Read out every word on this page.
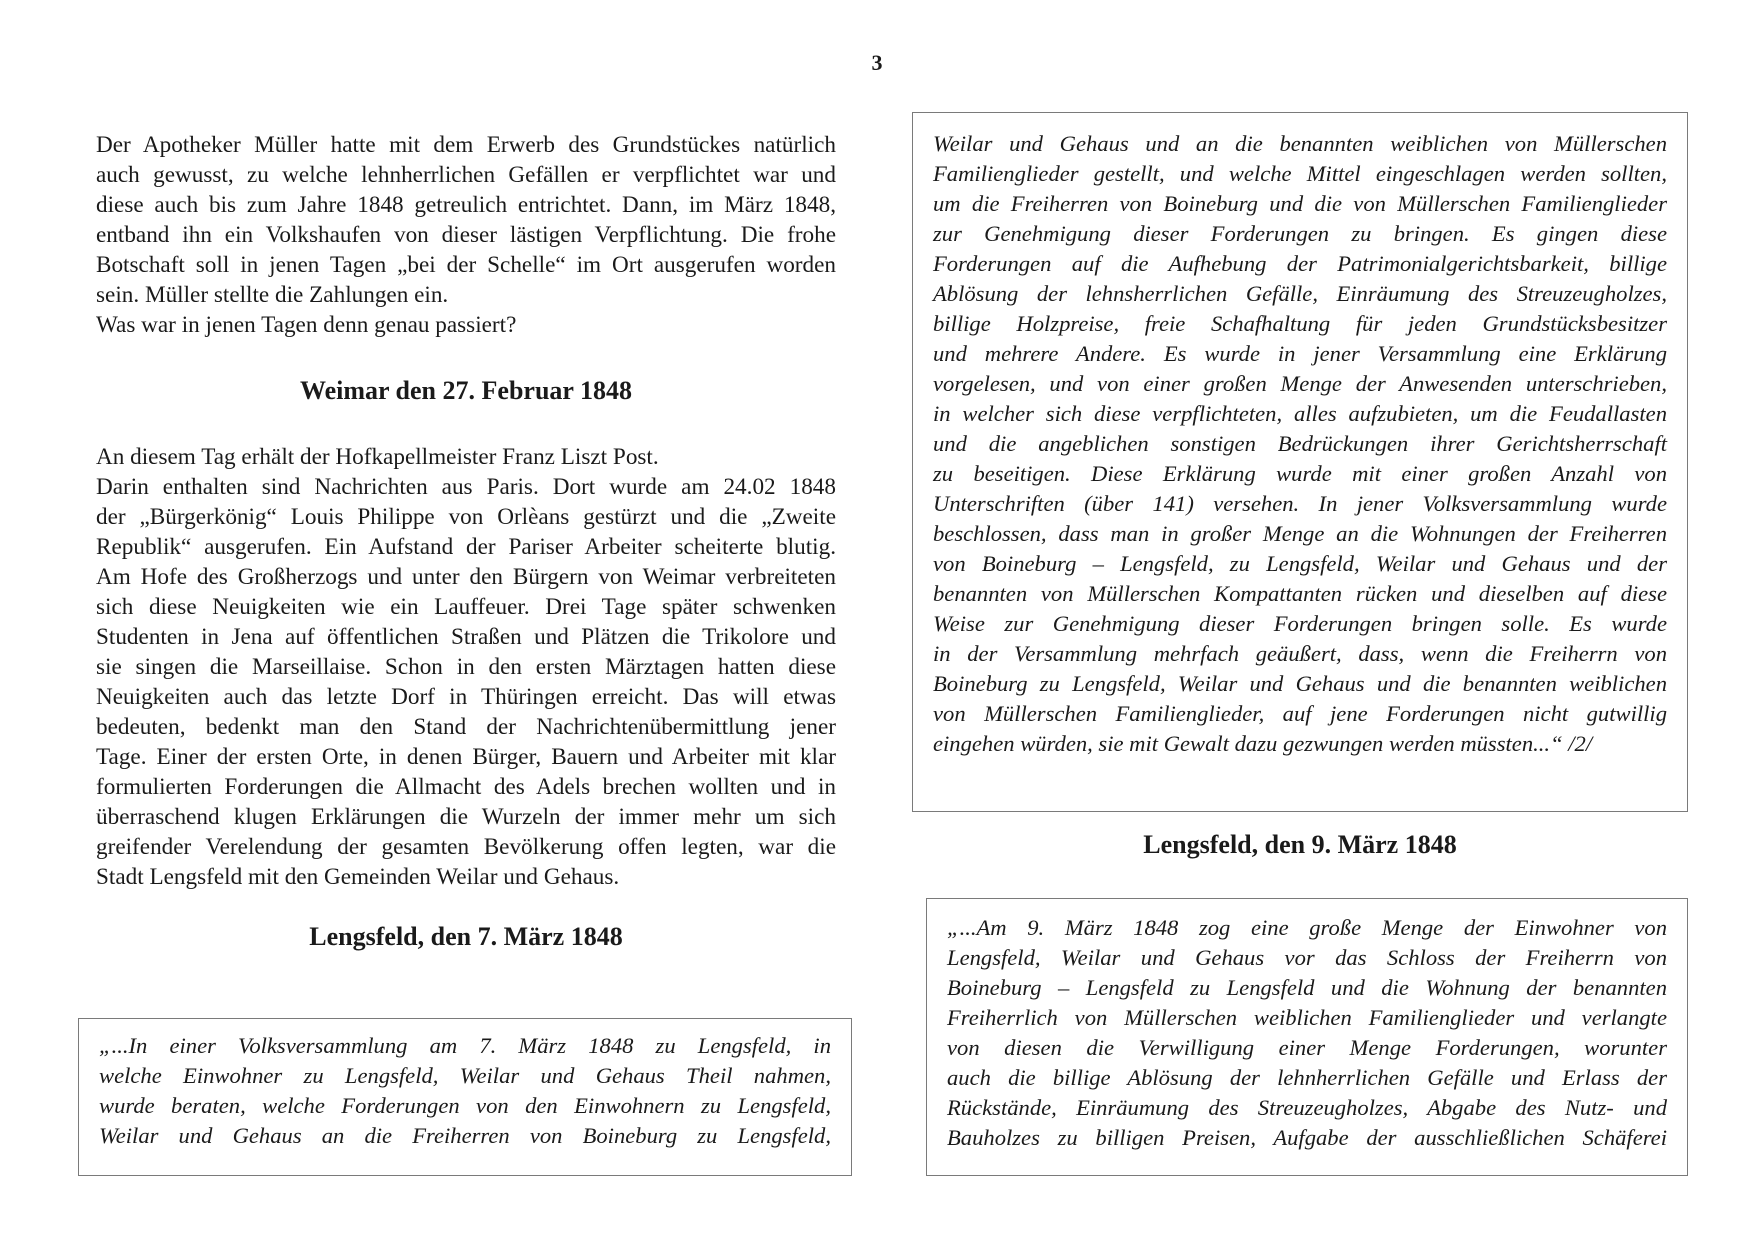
3

Der Apotheker Müller hatte mit dem Erwerb des Grundstückes natürlich
auch gewusst, zu welche lehnherrlichen Gefällen er verpflichtet war und
diese auch bis zum Jahre 1848 getreulich entrichtet. Dann, im März 1848,
entband ihn ein Volkshaufen von dieser lästigen Verpflichtung. Die frohe
Botschaft soll in jenen Tagen „bei der Schelle“ im Ort ausgerufen worden
sein. Müller stellte die Zahlungen ein.
Was war in jenen Tagen denn genau passiert?

Weimar den 27. Februar 1848

An diesem Tag erhält der Hofkapellmeister Franz Liszt Post.
Darin enthalten sind Nachrichten aus Paris. Dort wurde am 24.02 1848
der „Bürgerkönig“ Louis Philippe von Orlèans gestürzt und die „Zweite
Republik“ ausgerufen. Ein Aufstand der Pariser Arbeiter scheiterte blutig.
Am Hofe des Großherzogs und unter den Bürgern von Weimar verbreiteten
sich diese Neuigkeiten wie ein Lauffeuer. Drei Tage später schwenken
Studenten in Jena auf öffentlichen Straßen und Plätzen die Trikolore und
sie singen die Marseillaise. Schon in den ersten Märztagen hatten diese
Neuigkeiten auch das letzte Dorf in Thüringen erreicht. Das will etwas
bedeuten, bedenkt man den Stand der Nachrichtenübermittlung jener
Tage. Einer der ersten Orte, in denen Bürger, Bauern und Arbeiter mit klar
formulierten Forderungen die Allmacht des Adels brechen wollten und in
überraschend klugen Erklärungen die Wurzeln der immer mehr um sich
greifender Verelendung der gesamten Bevölkerung offen legten, war die
Stadt Lengsfeld mit den Gemeinden Weilar und Gehaus.

Lengsfeld, den 7. März 1848

„...In einer Volksversammlung am 7. März 1848 zu Lengsfeld, in
welche Einwohner zu Lengsfeld, Weilar und Gehaus Theil nahmen,
wurde beraten, welche Forderungen von den Einwohnern zu Lengsfeld,
Weilar und Gehaus an die Freiherren von Boineburg zu Lengsfeld,

Weilar und Gehaus und an die benannten weiblichen von Müllerschen
Familienglieder gestellt, und welche Mittel eingeschlagen werden sollten,
um die Freiherren von Boineburg und die von Müllerschen Familienglieder
zur Genehmigung dieser Forderungen zu bringen. Es gingen diese
Forderungen auf die Aufhebung der Patrimonialgerichtsbarkeit, billige
Ablösung der lehnsherrlichen Gefälle, Einräumung des Streuzeugholzes,
billige Holzpreise, freie Schafhaltung für jeden Grundstücksbesitzer
und mehrere Andere. Es wurde in jener Versammlung eine Erklärung
vorgelesen, und von einer großen Menge der Anwesenden unterschrieben,
in welcher sich diese verpflichteten, alles aufzubieten, um die Feudallasten
und die angeblichen sonstigen Bedrückungen ihrer Gerichtsherrschaft
zu beseitigen. Diese Erklärung wurde mit einer großen Anzahl von
Unterschriften (über 141) versehen. In jener Volksversammlung wurde
beschlossen, dass man in großer Menge an die Wohnungen der Freiherren
von Boineburg – Lengsfeld, zu Lengsfeld, Weilar und Gehaus und der
benannten von Müllerschen Kompattanten rücken und dieselben auf diese
Weise zur Genehmigung dieser Forderungen bringen solle. Es wurde
in der Versammlung mehrfach geäußert, dass, wenn die Freiherrn von
Boineburg zu Lengsfeld, Weilar und Gehaus und die benannten weiblichen
von Müllerschen Familienglieder, auf jene Forderungen nicht gutwillig
eingehen würden, sie mit Gewalt dazu gezwungen werden müssten...“ /2/

Lengsfeld, den 9. März 1848

„...Am 9. März 1848 zog eine große Menge der Einwohner von
Lengsfeld, Weilar und Gehaus vor das Schloss der Freiherrn von
Boineburg – Lengsfeld zu Lengsfeld und die Wohnung der benannten
Freiherrlich von Müllerschen weiblichen Familienglieder und verlangte
von diesen die Verwilligung einer Menge Forderungen, worunter
auch die billige Ablösung der lehnherrlichen Gefälle und Erlass der
Rückstände, Einräumung des Streuzeugholzes, Abgabe des Nutz- und
Bauholzes zu billigen Preisen, Aufgabe der ausschließlichen Schäferei
